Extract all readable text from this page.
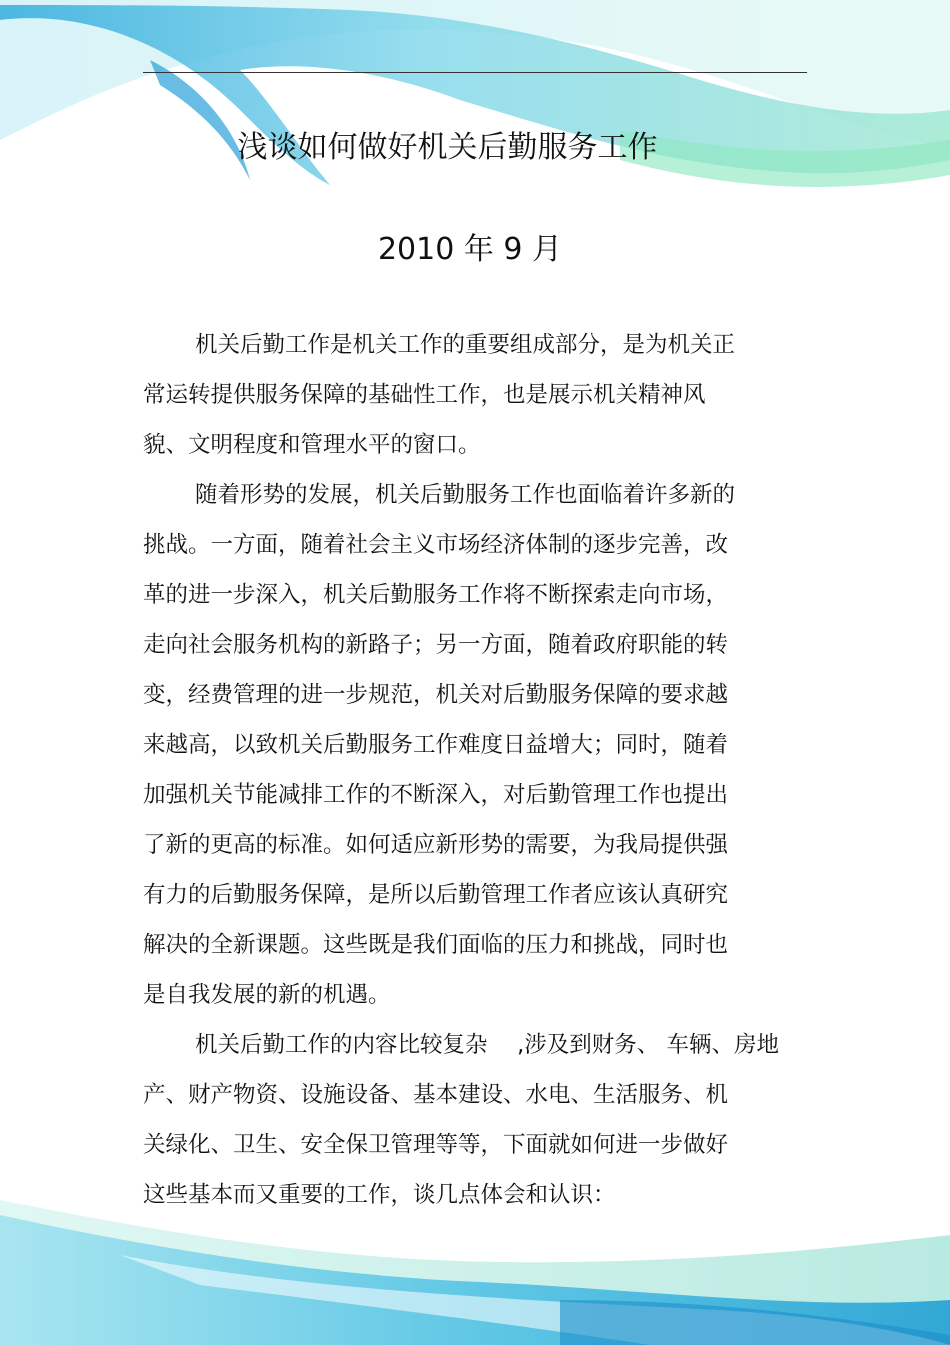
浅谈如何做好机关后勤服务工作
2010 年 9 月
机关后勤工作是机关工作的重要组成部分，是为机关正
常运转提供服务保障的基础性工作，也是展示机关精神风
貌、文明程度和管理水平的窗口。
随着形势的发展，机关后勤服务工作也面临着许多新的
挑战。一方面，随着社会主义市场经济体制的逐步完善，改
革的进一步深入，机关后勤服务工作将不断探索走向市场，
走向社会服务机构的新路子；另一方面，随着政府职能的转
变，经费管理的进一步规范，机关对后勤服务保障的要求越
来越高，以致机关后勤服务工作难度日益增大；同时，随着
加强机关节能减排工作的不断深入，对后勤管理工作也提出
了新的更高的标准。如何适应新形势的需要，为我局提供强
有力的后勤服务保障，是所以后勤管理工作者应该认真研究
解决的全新课题。这些既是我们面临的压力和挑战，同时也
是自我发展的新的机遇。
机关后勤工作的内容比较复杂　 ,涉及到财务、 车辆、房地
产、财产物资、设施设备、基本建设、水电、生活服务、机
关绿化、卫生、安全保卫管理等等，下面就如何进一步做好
这些基本而又重要的工作，谈几点体会和认识：
